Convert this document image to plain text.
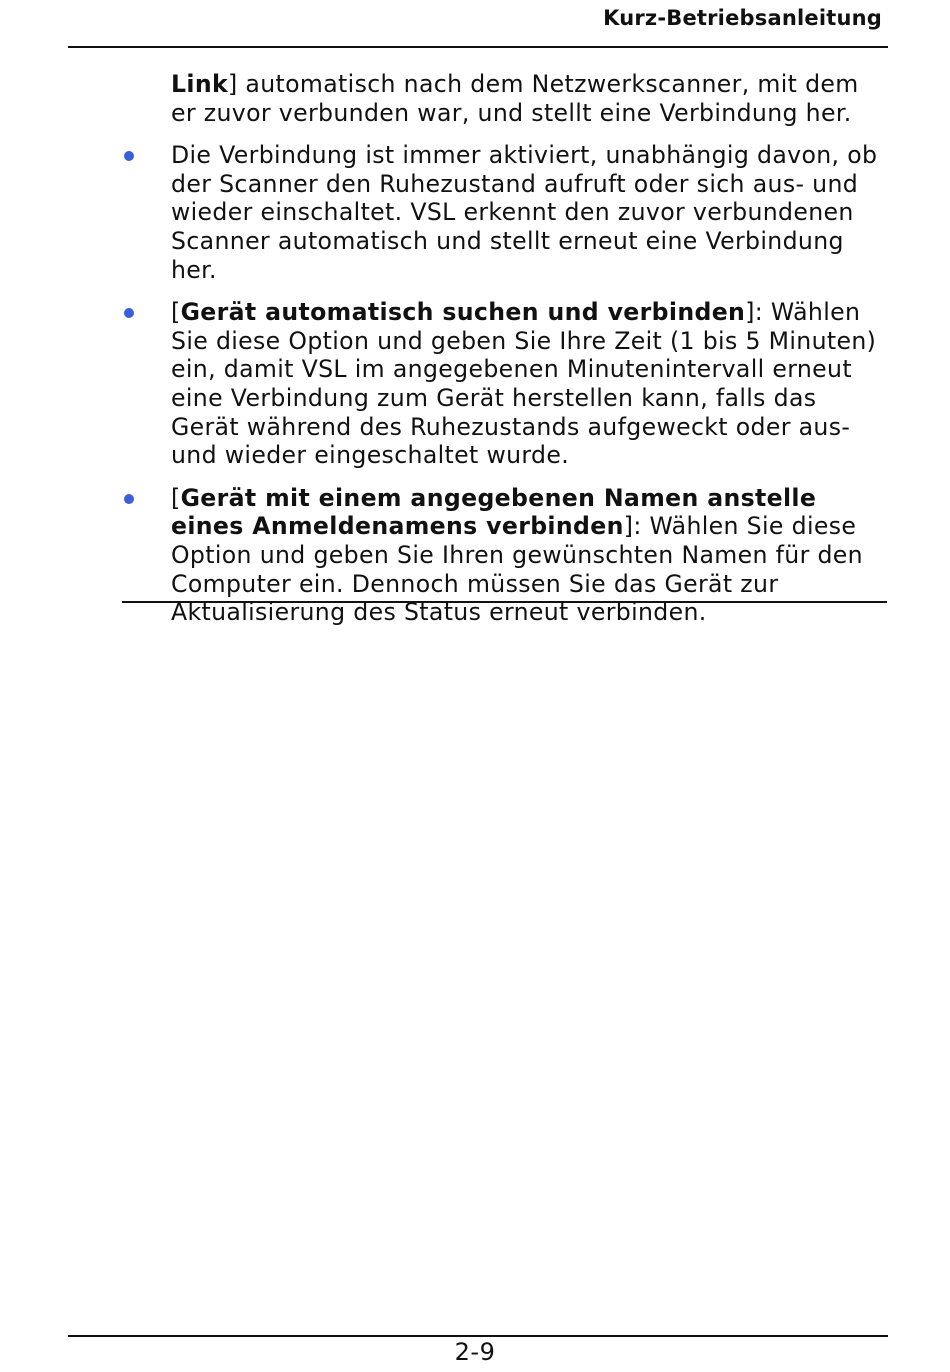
Kurz-Betriebsanleitung

Link] automatisch nach dem Netzwerkscanner, mit dem er zuvor verbunden war, und stellt eine Verbindung her.

Die Verbindung ist immer aktiviert, unabhängig davon, ob der Scanner den Ruhezustand aufruft oder sich aus- und wieder einschaltet. VSL erkennt den zuvor verbundenen Scanner automatisch und stellt erneut eine Verbindung her.

[Gerät automatisch suchen und verbinden]: Wählen Sie diese Option und geben Sie Ihre Zeit (1 bis 5 Minuten) ein, damit VSL im angegebenen Minutenintervall erneut eine Verbindung zum Gerät herstellen kann, falls das Gerät während des Ruhezustands aufgeweckt oder aus- und wieder eingeschaltet wurde.

[Gerät mit einem angegebenen Namen anstelle eines Anmeldenamens verbinden]: Wählen Sie diese Option und geben Sie Ihren gewünschten Namen für den Computer ein. Dennoch müssen Sie das Gerät zur Aktualisierung des Status erneut verbinden.

2-9
